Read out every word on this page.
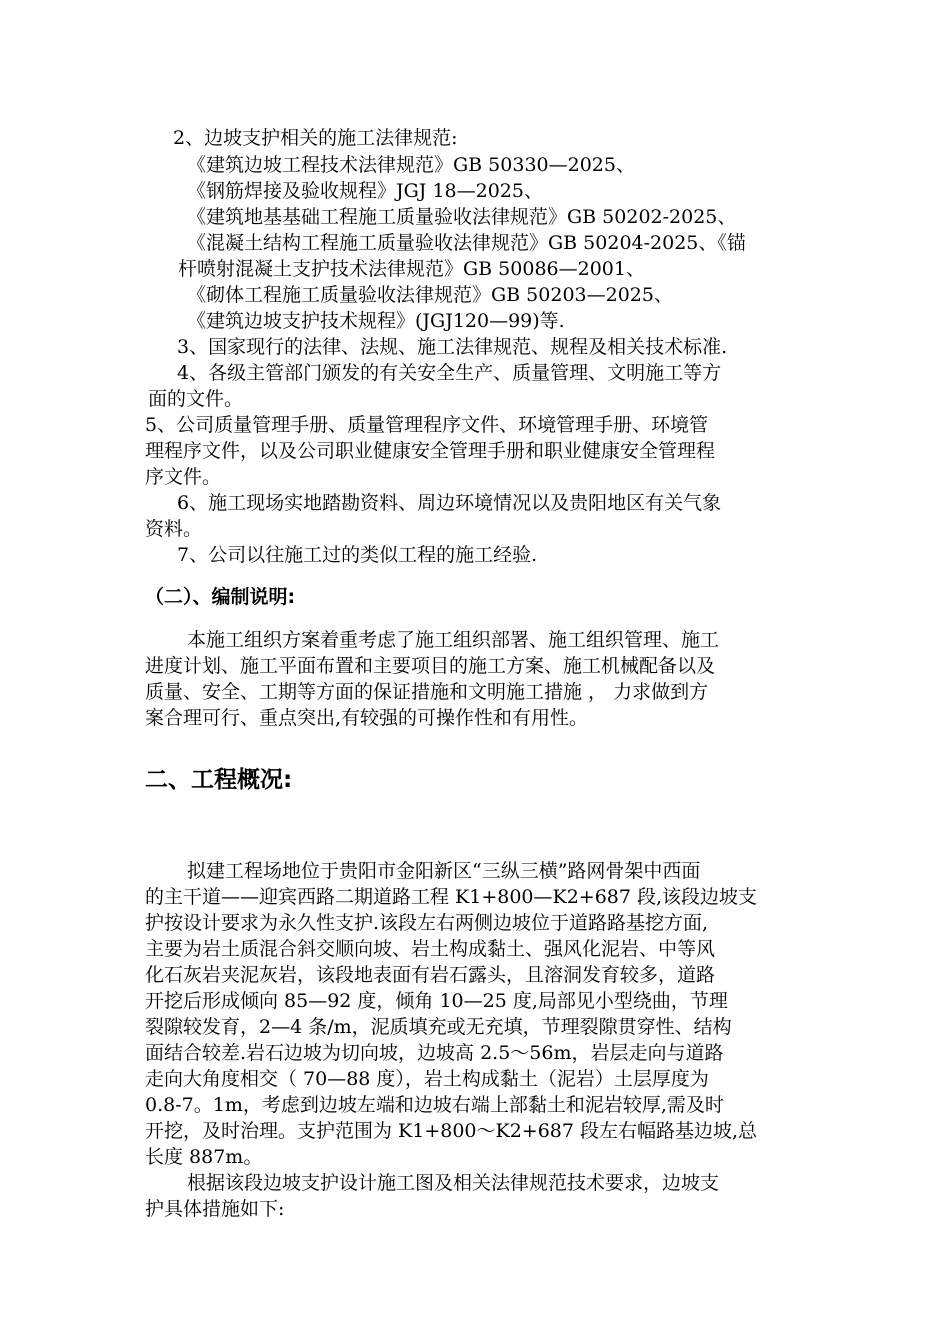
2、边坡支护相关的施工法律规范:
《建筑边坡工程技术法律规范》GB 50330—2025、
《钢筋焊接及验收规程》JGJ 18—2025、
《建筑地基基础工程施工质量验收法律规范》GB 50202-2025、
《混凝土结构工程施工质量验收法律规范》GB 50204-2025、《锚
杆喷射混凝土支护技术法律规范》GB 50086—2001、
《砌体工程施工质量验收法律规范》GB 50203—2025、
《建筑边坡支护技术规程》(JGJ120—99)等.
3、国家现行的法律、法规、施工法律规范、规程及相关技术标准.
4、各级主管部门颁发的有关安全生产、质量管理、文明施工等方
面的文件。
5、公司质量管理手册、质量管理程序文件、环境管理手册、环境管
理程序文件，以及公司职业健康安全管理手册和职业健康安全管理程
序文件。
6、施工现场实地踏勘资料、周边环境情况以及贵阳地区有关气象
资料。
7、公司以往施工过的类似工程的施工经验.
（二）、编制说明:
本施工组织方案着重考虑了施工组织部署、施工组织管理、施工
进度计划、施工平面布置和主要项目的施工方案、施工机械配备以及
质量、安全、工期等方面的保证措施和文明施工措施 ， 力求做到方
案合理可行、重点突出,有较强的可操作性和有用性。
二、工程概况:
拟建工程场地位于贵阳市金阳新区“三纵三横”路网骨架中西面
的主干道——迎宾西路二期道路工程 K1+800—K2+687 段,该段边坡支
护按设计要求为永久性支护.该段左右两侧边坡位于道路路基挖方面,
主要为岩土质混合斜交顺向坡、岩土构成黏土、强风化泥岩、中等风
化石灰岩夹泥灰岩，该段地表面有岩石露头，且溶洞发育较多，道路
开挖后形成倾向 85—92 度，倾角 10—25 度,局部见小型绕曲，节理
裂隙较发育，2—4 条/m，泥质填充或无充填，节理裂隙贯穿性、结构
面结合较差.岩石边坡为切向坡，边坡高 2.5～56m，岩层走向与道路
走向大角度相交（ 70—88 度），岩土构成黏土（泥岩）土层厚度为
0.8-7。1m，考虑到边坡左端和边坡右端上部黏土和泥岩较厚,需及时
开挖，及时治理。支护范围为 K1+800～K2+687 段左右幅路基边坡,总
长度 887m。
根据该段边坡支护设计施工图及相关法律规范技术要求，边坡支
护具体措施如下:
